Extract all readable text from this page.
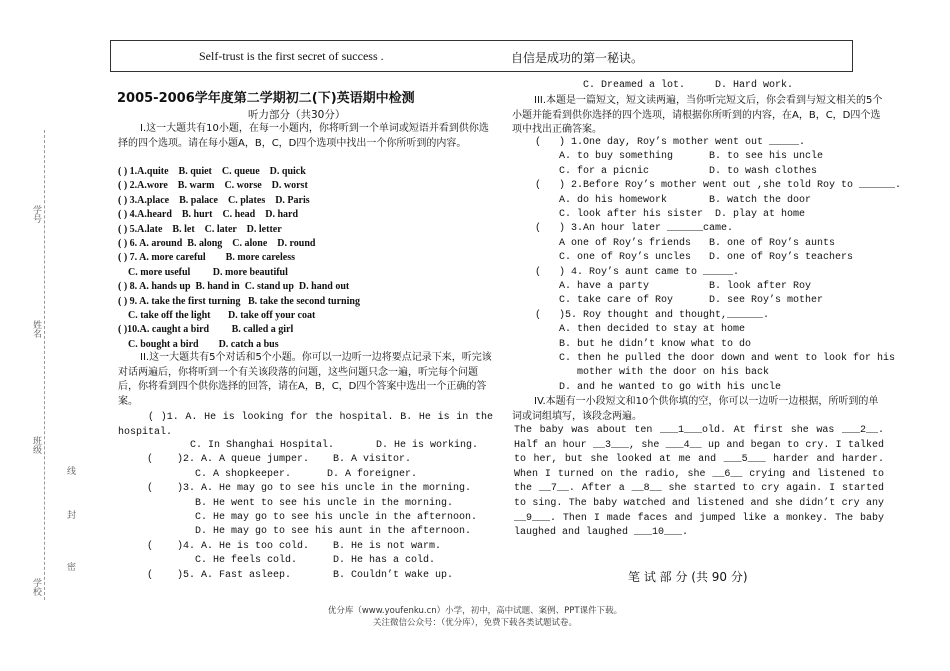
Self-trust is the first secret of success .	自信是成功的第一秘诀。
学号
姓名
班级
学校
线
封
密
2005-2006学年度第二学期初二(下)英语期中检测
听力部分（共30分）
I.这一大题共有10小题，在每一小题内，你将听到一个单词或短语并看到供你选择的四个选项。请在每小题A，B，C，D四个选项中找出一个你所听到的内容。
( ) 1.A.quite    B. quiet    C. queue    D. quick
( ) 2.A.wore    B. warm    C. worse    D. worst
( ) 3.A.place    B. palace    C. plates    D. Paris
( ) 4.A.heard    B. hurt    C. head    D. hard
( ) 5.A.late    B. let    C. later    D. letter
( ) 6. A. around  B. along    C. alone    D. round
( ) 7. A. more careful        B. more careless
C. more useful         D. more beautiful
( ) 8. A. hands up  B. hand in  C. stand up  D. hand out
( ) 9. A. take the first turning   B. take the second turning
C. take off the light       D. take off your coat
( )10.A. caught a bird         B. called a girl
C. bought a bird        D. catch a bus
II.这一大题共有5个对话和5个小题。你可以一边听一边将要点记录下来，听完该对话两遍后，你将听到一个有关该段落的问题，这些问题只念一遍，听完每个问题后，你将看到四个供你选择的回答，请在A，B，C，D四个答案中选出一个正确的答案。
( )1. A. He is looking for the hospital. B. He is in the hospital.
C. In Shanghai Hospital.       D. He is working.
(    )2. A. A queue jumper.    B. A visitor.
C. A shopkeeper.      D. A foreigner.
(    )3. A. He may go to see his uncle in the morning.
B. He went to see his uncle in the morning.
C. He may go to see his uncle in the afternoon.
D. He may go to see his aunt in the afternoon.
(    )4. A. He is too cold.    B. He is not warm.
C. He feels cold.      D. He has a cold.
(    )5. A. Fast asleep.       B. Couldn’t wake up.
C. Dreamed a lot.     D. Hard work.
III.本题是一篇短文，短文读两遍，当你听完短文后，你会看到与短文相关的5个小题并能看到供你选择的四个选项，请根据你所听到的内容，在A，B，C，D四个选项中找出正确答案。
(   ) 1.One day, Roy’s mother went out _____.
A. to buy something      B. to see his uncle
C. for a picnic          D. to wash clothes
(   ) 2.Before Roy’s mother went out ,she told Roy to ______.
A. do his homework       B. watch the door
C. look after his sister  D. play at home
(   ) 3.An hour later ______came.
A one of Roy’s friends   B. one of Roy’s aunts
C. one of Roy’s uncles   D. one of Roy’s teachers
(   ) 4. Roy’s aunt came to _____.
A. have a party          B. look after Roy
C. take care of Roy      D. see Roy’s mother
(   )5. Roy thought and thought,______.
A. then decided to stay at home
B. but he didn’t know what to do
C. then he pulled the door down and went to look for his
mother with the door on his back
D. and he wanted to go with his uncle
IV.本题有一小段短文和10个供你填的空，你可以一边听一边根据，所听到的单词或词组填写，该段念两遍。
The baby was about ten ___1___old. At first she was ___2__. Half an hour __3___, she ___4__ up and began to cry. I talked to her, but she looked at me and ___5___ harder and harder. When I turned on the radio, she __6__ crying and listened to the __7__. After a __8__ she started to cry again. I started to sing. The baby watched and listened and she didn’t cry any __9___. Then I made faces and jumped like a monkey. The baby laughed and laughed ___10___.
笔 试 部 分 (共 90 分)
优分库（www.youfenku.cn）小学，初中，高中试题、案例、PPT课件下载。
关注微信公众号：（优分库），免费下载各类试题试卷。
